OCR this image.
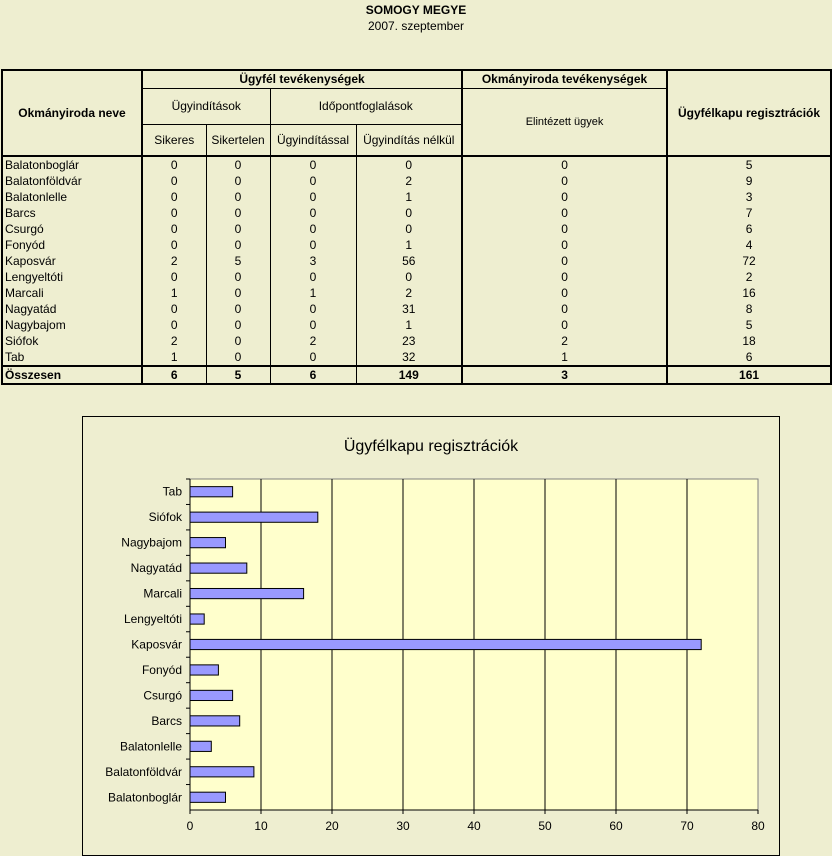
SOMOGY MEGYE
2007. szeptember
Okmányiroda neve	Ügyfél tevékenységek				Okmányiroda tevékenységek	Ügyfélkapu regisztrációk
	Ügyindítások		Időpontfoglalások		Elintézett ügyek	
	Sikeres	Sikertelen	Ügyindítással	Ügyindítás nélkül		
Balatonboglár	0	0	0	0	0	5
Balatonföldvár	0	0	0	2	0	9
Balatonlelle	0	0	0	1	0	3
Barcs	0	0	0	0	0	7
Csurgó	0	0	0	0	0	6
Fonyód	0	0	0	1	0	4
Kaposvár	2	5	3	56	0	72
Lengyeltóti	0	0	0	0	0	2
Marcali	1	0	1	2	0	16
Nagyatád	0	0	0	31	0	8
Nagybajom	0	0	0	1	0	5
Siófok	2	0	2	23	2	18
Tab	1	0	0	32	1	6
Összesen	6	5	6	149	3	161
Ügyfélkapu regisztrációk
0	10	20	30	40	50	60	70	80
Tab
Siófok
Nagybajom
Nagyatád
Marcali
Lengyeltóti
Kaposvár
Fonyód
Csurgó
Barcs
Balatonlelle
Balatonföldvár
Balatonboglár
